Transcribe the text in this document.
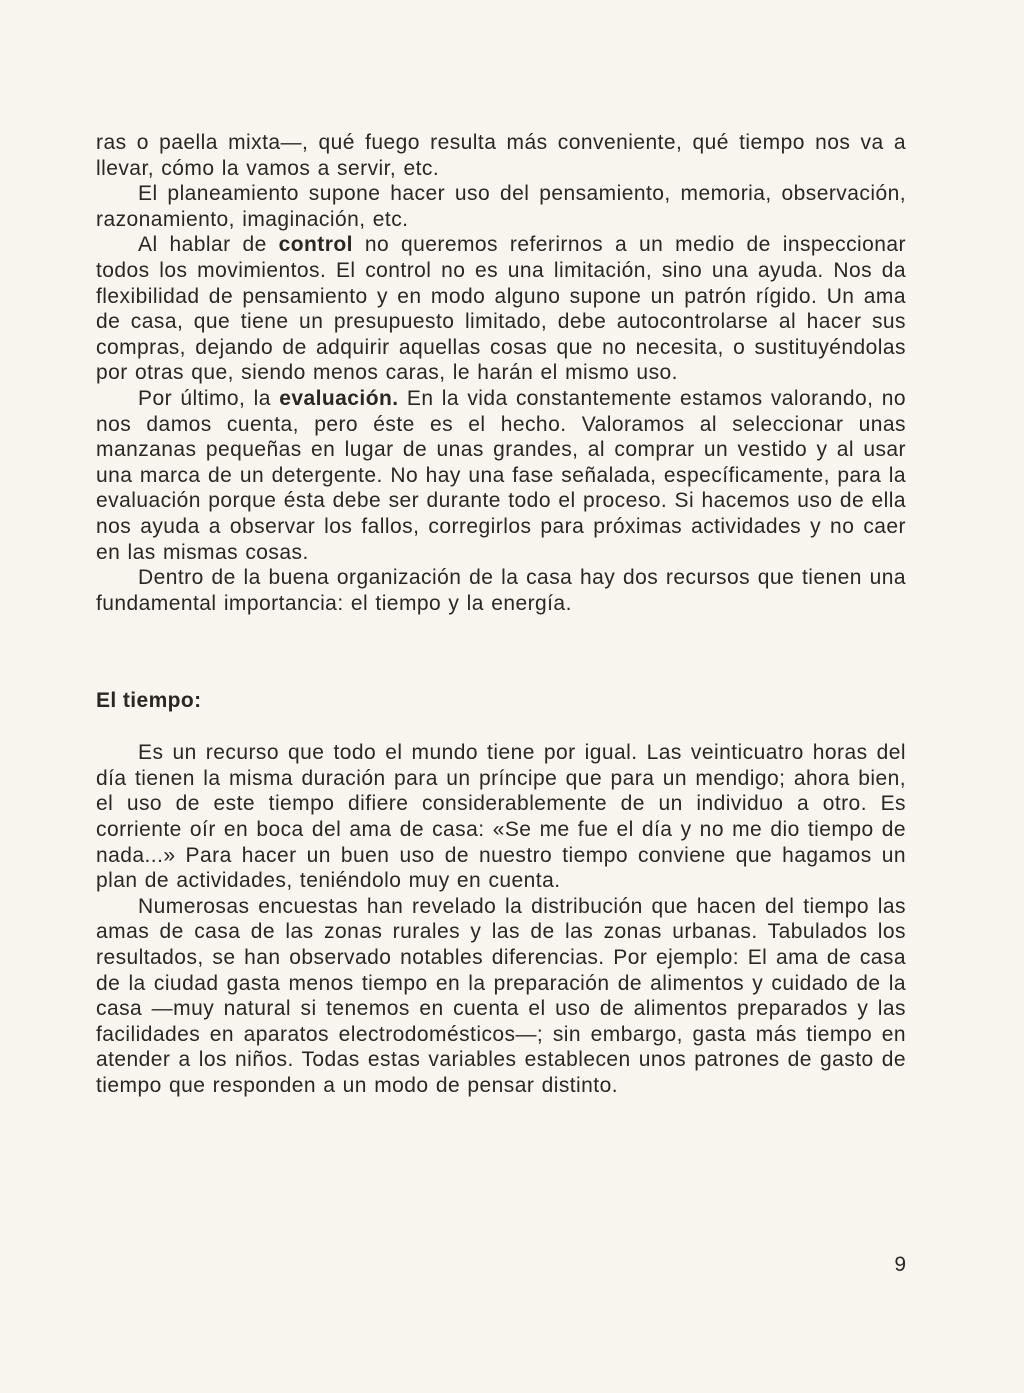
ras o paella mixta—, qué fuego resulta más conveniente, qué tiempo nos va a llevar, cómo la vamos a servir, etc.

El planeamiento supone hacer uso del pensamiento, memoria, observación, razonamiento, imaginación, etc.

Al hablar de control no queremos referirnos a un medio de inspeccionar todos los movimientos. El control no es una limitación, sino una ayuda. Nos da flexibilidad de pensamiento y en modo alguno supone un patrón rígido. Un ama de casa, que tiene un presupuesto limitado, debe autocontrolarse al hacer sus compras, dejando de adquirir aquellas cosas que no necesita, o sustituyéndolas por otras que, siendo menos caras, le harán el mismo uso.

Por último, la evaluación. En la vida constantemente estamos valorando, no nos damos cuenta, pero éste es el hecho. Valoramos al seleccionar unas manzanas pequeñas en lugar de unas grandes, al comprar un vestido y al usar una marca de un detergente. No hay una fase señalada, específicamente, para la evaluación porque ésta debe ser durante todo el proceso. Si hacemos uso de ella nos ayuda a observar los fallos, corregirlos para próximas actividades y no caer en las mismas cosas.

Dentro de la buena organización de la casa hay dos recursos que tienen una fundamental importancia: el tiempo y la energía.

El tiempo:

Es un recurso que todo el mundo tiene por igual. Las veinticuatro horas del día tienen la misma duración para un príncipe que para un mendigo; ahora bien, el uso de este tiempo difiere considerablemente de un individuo a otro. Es corriente oír en boca del ama de casa: «Se me fue el día y no me dio tiempo de nada...» Para hacer un buen uso de nuestro tiempo conviene que hagamos un plan de actividades, teniéndolo muy en cuenta.

Numerosas encuestas han revelado la distribución que hacen del tiempo las amas de casa de las zonas rurales y las de las zonas urbanas. Tabulados los resultados, se han observado notables diferencias. Por ejemplo: El ama de casa de la ciudad gasta menos tiempo en la preparación de alimentos y cuidado de la casa —muy natural si tenemos en cuenta el uso de alimentos preparados y las facilidades en aparatos electrodomésticos—; sin embargo, gasta más tiempo en atender a los niños. Todas estas variables establecen unos patrones de gasto de tiempo que responden a un modo de pensar distinto.

9
